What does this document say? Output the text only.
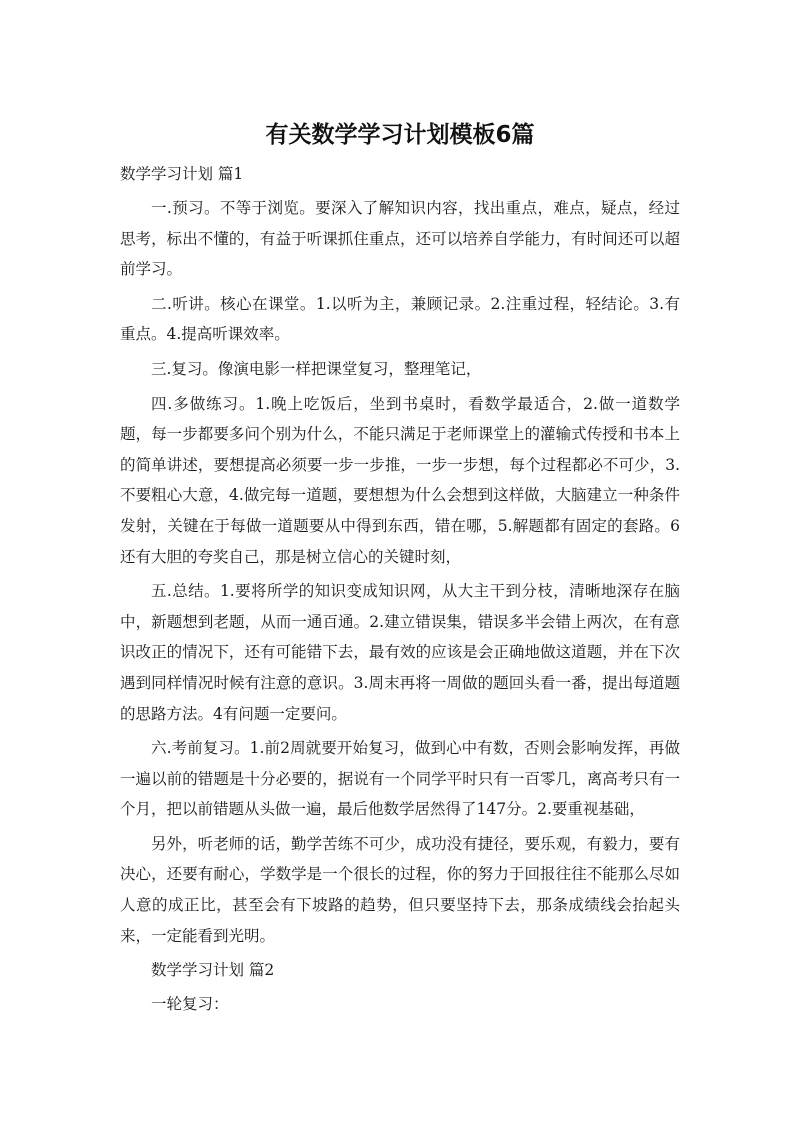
有关数学学习计划模板6篇
数学学习计划 篇1

一.预习。不等于浏览。要深入了解知识内容，找出重点，难点，疑点，经过思考，标出不懂的，有益于听课抓住重点，还可以培养自学能力，有时间还可以超前学习。

二.听讲。核心在课堂。1.以听为主，兼顾记录。2.注重过程，轻结论。3.有重点。4.提高听课效率。

三.复习。像演电影一样把课堂复习，整理笔记，

四.多做练习。1.晚上吃饭后，坐到书桌时，看数学最适合，2.做一道数学题，每一步都要多问个别为什么，不能只满足于老师课堂上的灌输式传授和书本上的简单讲述，要想提高必须要一步一步推，一步一步想，每个过程都必不可少，3.不要粗心大意，4.做完每一道题，要想想为什么会想到这样做，大脑建立一种条件发射，关键在于每做一道题要从中得到东西，错在哪，5.解题都有固定的套路。6还有大胆的夸奖自己，那是树立信心的关键时刻，

五.总结。1.要将所学的知识变成知识网，从大主干到分枝，清晰地深存在脑中，新题想到老题，从而一通百通。2.建立错误集，错误多半会错上两次，在有意识改正的情况下，还有可能错下去，最有效的应该是会正确地做这道题，并在下次遇到同样情况时候有注意的意识。3.周末再将一周做的题回头看一番，提出每道题的思路方法。4有问题一定要问。

六.考前复习。1.前2周就要开始复习，做到心中有数，否则会影响发挥，再做一遍以前的错题是十分必要的，据说有一个同学平时只有一百零几，离高考只有一个月，把以前错题从头做一遍，最后他数学居然得了147分。2.要重视基础，

另外，听老师的话，勤学苦练不可少，成功没有捷径，要乐观，有毅力，要有决心，还要有耐心，学数学是一个很长的过程，你的努力于回报往往不能那么尽如人意的成正比，甚至会有下坡路的趋势，但只要坚持下去，那条成绩线会抬起头来，一定能看到光明。

数学学习计划 篇2

一轮复习：
